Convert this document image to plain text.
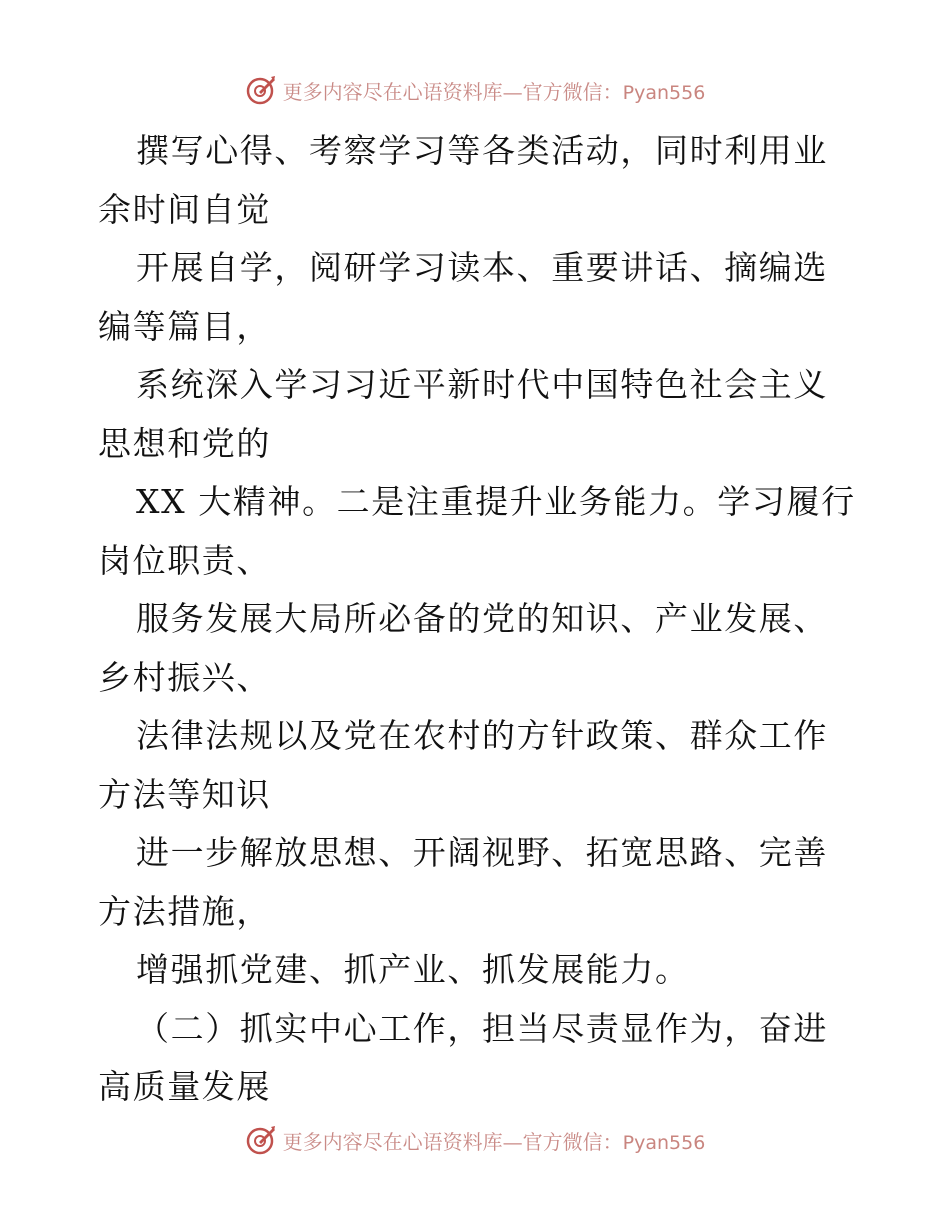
更多内容尽在心语资料库—官方微信：Pyan556

撰写心得、考察学习等各类活动，同时利用业余时间自觉

开展自学，阅研学习读本、重要讲话、摘编选编等篇目，

系统深入学习习近平新时代中国特色社会主义思想和党的

XX 大精神。二是注重提升业务能力。学习履行岗位职责、

服务发展大局所必备的党的知识、产业发展、乡村振兴、

法律法规以及党在农村的方针政策、群众工作方法等知识

进一步解放思想、开阔视野、拓宽思路、完善方法措施，

增强抓党建、抓产业、抓发展能力。

（二）抓实中心工作，担当尽责显作为，奋进高质量发展

更多内容尽在心语资料库—官方微信：Pyan556
